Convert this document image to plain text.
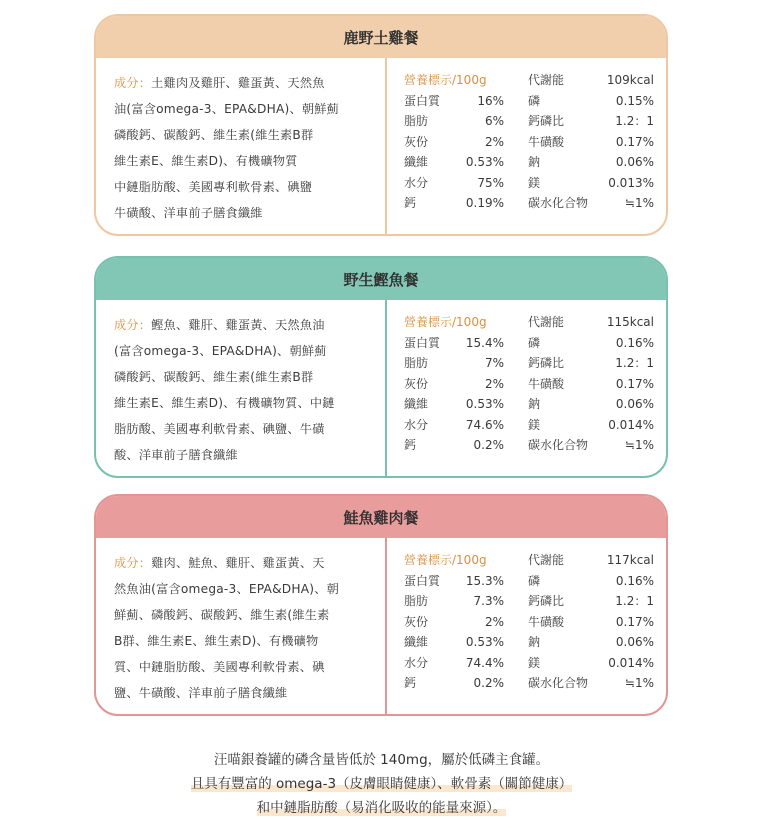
鹿野土雞餐
成分：土雞肉及雞肝、雞蛋黃、天然魚
油(富含omega-3、EPA&DHA)、朝鮮薊
磷酸鈣、碳酸鈣、維生素(維生素B群
維生素E、維生素D)、有機礦物質
中鏈脂肪酸、美國專利軟骨素、碘鹽
牛磺酸、洋車前子膳食纖維
營養標示 /100g	代謝能	109kcal
蛋白質	16% 磷	0.15%
脂肪	6% 鈣磷比	1.2：1
灰份	2% 牛磺酸	0.17%
纖維	0.53% 鈉	0.06%
水分	75% 鎂	0.013%
鈣	0.19% 碳水化合物	≒1%
野生鰹魚餐
成分：鰹魚、雞肝、雞蛋黃、天然魚油
(富含omega-3、EPA&DHA)、朝鮮薊
磷酸鈣、碳酸鈣、維生素(維生素B群
維生素E、維生素D)、有機礦物質、中鏈
脂肪酸、美國專利軟骨素、碘鹽、牛磺
酸、洋車前子膳食纖維
營養標示 /100g	代謝能	115kcal
蛋白質	15.4% 磷	0.16%
脂肪	7% 鈣磷比	1.2：1
灰份	2% 牛磺酸	0.17%
纖維	0.53% 鈉	0.06%
水分	74.6% 鎂	0.014%
鈣	0.2% 碳水化合物	≒1%
鮭魚雞肉餐
成分：雞肉、鮭魚、雞肝、雞蛋黃、天
然魚油(富含omega-3、EPA&DHA)、朝
鮮薊、磷酸鈣、碳酸鈣、維生素(維生素
B群、維生素E、維生素D)、有機礦物
質、中鏈脂肪酸、美國專利軟骨素、碘
鹽、牛磺酸、洋車前子膳食纖維
營養標示 /100g	代謝能	117kcal
蛋白質	15.3% 磷	0.16%
脂肪	7.3% 鈣磷比	1.2：1
灰份	2% 牛磺酸	0.17%
纖維	0.53% 鈉	0.06%
水分	74.4% 鎂	0.014%
鈣	0.2% 碳水化合物	≒1%
汪喵銀養罐的磷含量皆低於 140mg，屬於低磷主食罐。
且具有豐富的 omega-3（皮膚眼睛健康）、軟骨素（關節健康）
和中鏈脂肪酸（易消化吸收的能量來源）。
